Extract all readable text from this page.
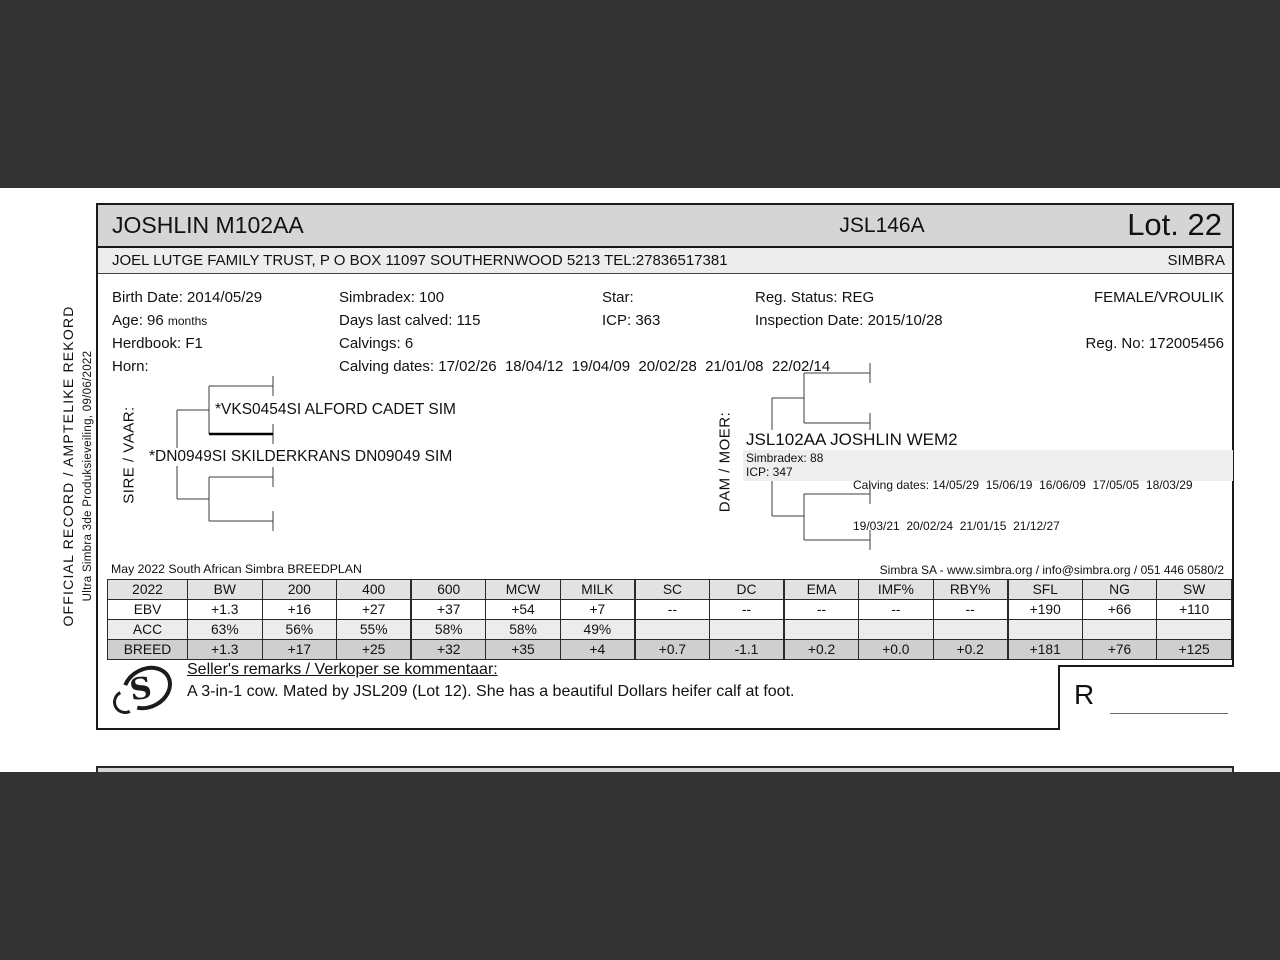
OFFICIAL RECORD / AMPTELIKE REKORD Ultra Simbra 3de Produksieveiling, 09/06/2022
JOSHLIN M102AA	JSL146A	Lot. 22
JOEL LUTGE FAMILY TRUST, P O BOX 11097 SOUTHERNWOOD 5213 TEL:27836517381	SIMBRA
Birth Date: 2014/05/29	Simbradex: 100	Star:	Reg. Status: REG	FEMALE/VROULIK
Age: 96 months	Days last calved: 115	ICP: 363	Inspection Date: 2015/10/28
Herdbook: F1	Calvings: 6	Reg. No: 172005456
Horn:	Calving dates: 17/02/26  18/04/12  19/04/09  20/02/28  21/01/08  22/02/14
SIRE / VAAR:	DAM / MOER:
*VKS0454SI ALFORD CADET SIM
*DN0949SI SKILDERKRANS DN09049 SIM
JSL102AA JOSHLIN WEM2
Simbradex: 88
ICP: 347

Calving dates: 14/05/29  15/06/19  16/06/09  17/05/05  18/03/29

19/03/21  20/02/24  21/01/15  21/12/27

May 2022 South African Simbra BREEDPLAN	Simbra SA - www.simbra.org / info@simbra.org / 051 446 0580/2
2022	BW	200	400	600	MCW	MILK	SC	DC	EMA	IMF%	RBY%	SFL	NG	SW
EBV	+1.3	+16	+27	+37	+54	+7	--	--	--	--	--	+190	+66	+110
ACC	63%	56%	55%	58%	58%	49%								
BREED	+1.3	+17	+25	+32	+35	+4	+0.7	-1.1	+0.2	+0.0	+0.2	+181	+76	+125
S
Seller's remarks / Verkoper se kommentaar:
A 3-in-1 cow. Mated by JSL209 (Lot 12). She has a beautiful Dollars heifer calf at foot.	R
